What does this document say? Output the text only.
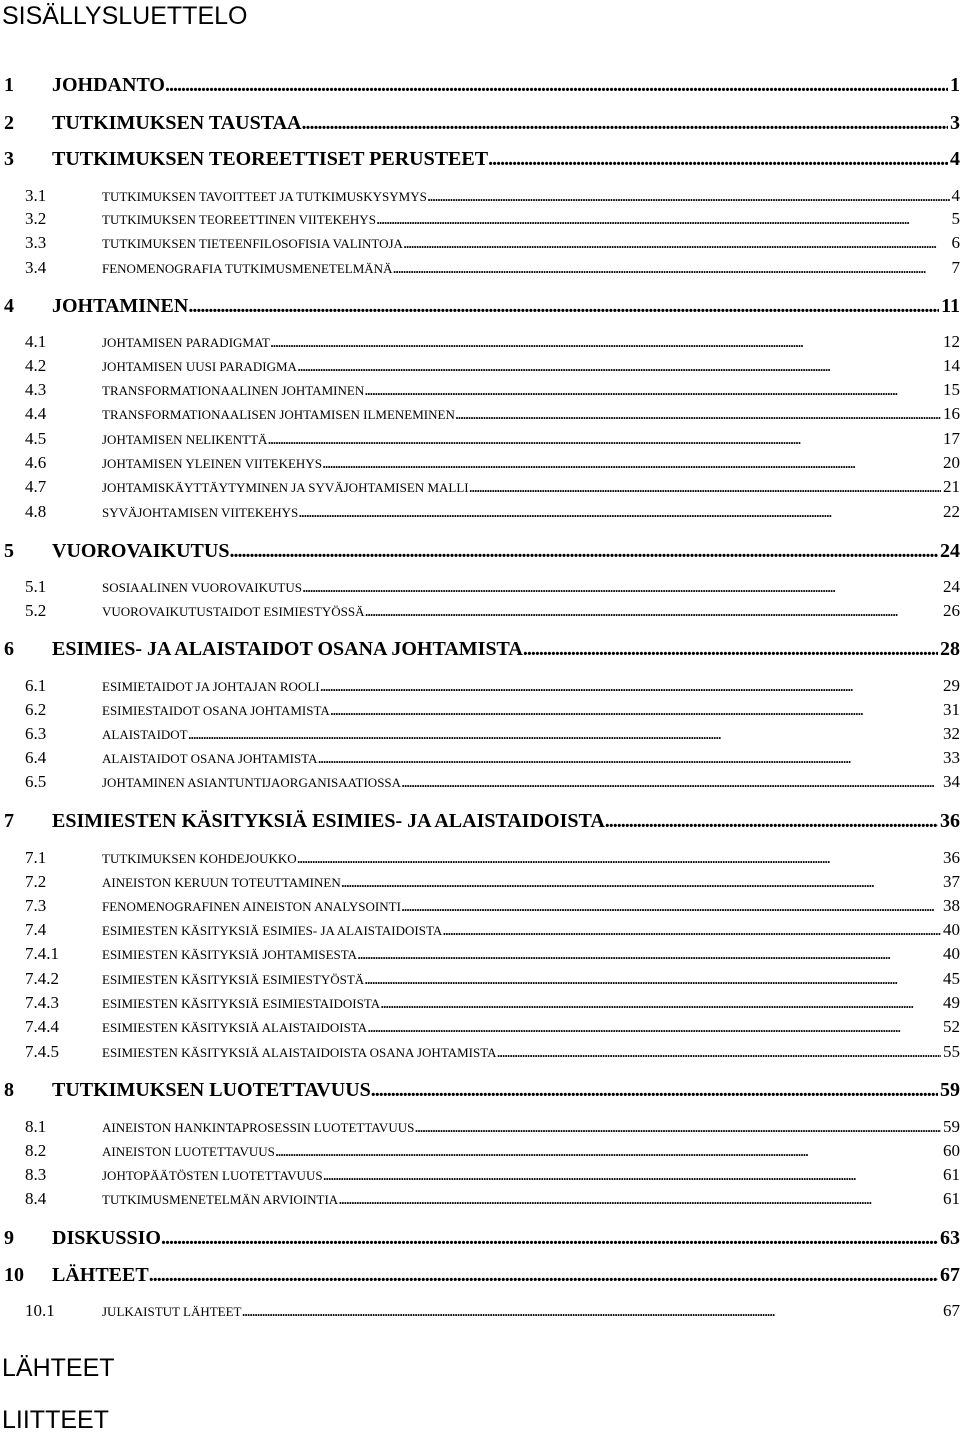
SISÄLLYSLUETTELO
1	JOHDANTO . . .	1
2	TUTKIMUKSEN TAUSTAA . . .	3
3	TUTKIMUKSEN TEOREETTISET PERUSTEET . . .	4
3.1	TUTKIMUKSEN TAVOITTEET JA TUTKIMUSKYSYMYS . . .	4
3.2	TUTKIMUKSEN TEOREETTINEN VIITEKEHYS . . .	5
3.3	TUTKIMUKSEN TIETEENFILOSOFISIA VALINTOJA . . .	6
3.4	FENOMENOGRAFIA TUTKIMUSMENETELMÄNÄ . . .	7
4	JOHTAMINEN . . .	11
4.1	JOHTAMISEN PARADIGMAT . . .	12
4.2	JOHTAMISEN UUSI PARADIGMA . . .	14
4.3	TRANSFORMATIONAALINEN JOHTAMINEN . . .	15
4.4	TRANSFORMATIONAALISEN JOHTAMISEN ILMENEMINEN . . .	16
4.5	JOHTAMISEN NELIKENTTÄ . . .	17
4.6	JOHTAMISEN YLEINEN VIITEKEHYS . . .	20
4.7	JOHTAMISKÄYTTÄYTYMINEN JA SYVÄJOHTAMISEN MALLI . . .	21
4.8	SYVÄJOHTAMISEN VIITEKEHYS . . .	22
5	VUOROVAIKUTUS . . .	24
5.1	SOSIAALINEN VUOROVAIKUTUS . . .	24
5.2	VUOROVAIKUTUSTAIDOT ESIMIESTYÖSSÄ . . .	26
6	ESIMIES- JA ALAISTAIDOT OSANA JOHTAMISTA . . .	28
6.1	ESIMIETAIDOT JA JOHTAJAN ROOLI . . .	29
6.2	ESIMIESTAIDOT OSANA JOHTAMISTA . . .	31
6.3	ALAISTAIDOT . . .	32
6.4	ALAISTAIDOT OSANA JOHTAMISTA . . .	33
6.5	JOHTAMINEN ASIANTUNTIJAORGANISAATIOSSA . . .	34
7	ESIMIESTEN KÄSITYKSIÄ ESIMIES- JA ALAISTAIDOISTA . . .	36
7.1	TUTKIMUKSEN KOHDEJOUKKO . . .	36
7.2	AINEISTON KERUUN TOTEUTTAMINEN . . .	37
7.3	FENOMENOGRAFINEN AINEISTON ANALYSOINTI . . .	38
7.4	ESIMIESTEN KÄSITYKSIÄ ESIMIES- JA ALAISTAIDOISTA . . .	40
7.4.1	ESIMIESTEN KÄSITYKSIÄ JOHTAMISESTA . . .	40
7.4.2	ESIMIESTEN KÄSITYKSIÄ ESIMIESTYÖSTÄ . . .	45
7.4.3	ESIMIESTEN KÄSITYKSIÄ ESIMIESTAIDOISTA . . .	49
7.4.4	ESIMIESTEN KÄSITYKSIÄ ALAISTAIDOISTA . . .	52
7.4.5	ESIMIESTEN KÄSITYKSIÄ ALAISTAIDOISTA OSANA JOHTAMISTA . . .	55
8	TUTKIMUKSEN LUOTETTAVUUS . . .	59
8.1	AINEISTON HANKINTAPROSESSIN LUOTETTAVUUS . . .	59
8.2	AINEISTON LUOTETTAVUUS . . .	60
8.3	JOHTOPÄÄTÖSTEN LUOTETTAVUUS . . .	61
8.4	TUTKIMUSMENETELMÄN ARVIOINTIA . . .	61
9	DISKUSSIO . . .	63
10	LÄHTEET . . .	67
10.1	JULKAISTUT LÄHTEET . . .	67
LÄHTEET
LIITTEET
